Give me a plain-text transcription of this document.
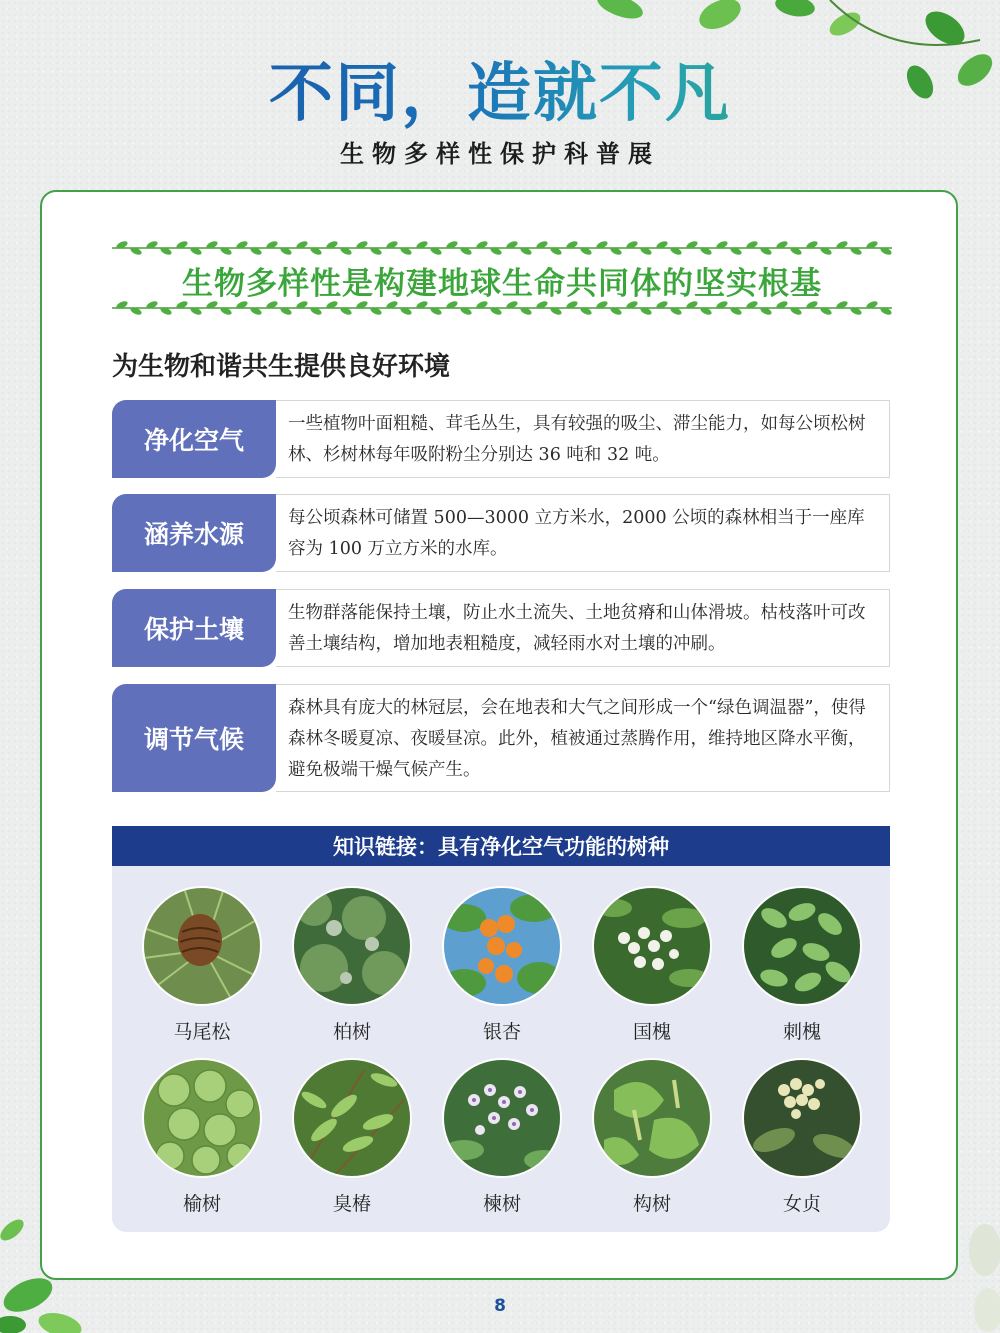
不同，造就不凡
生物多样性保护科普展
生物多样性是构建地球生命共同体的坚实根基
为生物和谐共生提供良好环境
净化空气
一些植物叶面粗糙、茸毛丛生，具有较强的吸尘、滞尘能力，如每公顷松树林、杉树林每年吸附粉尘分别达 36 吨和 32 吨。
涵养水源
每公顷森林可储置 500—3000 立方米水，2000 公顷的森林相当于一座库容为 100 万立方米的水库。
保护土壤
生物群落能保持土壤，防止水土流失、土地贫瘠和山体滑坡。枯枝落叶可改善土壤结构，增加地表粗糙度，减轻雨水对土壤的冲刷。
调节气候
森林具有庞大的林冠层，会在地表和大气之间形成一个“绿色调温器”，使得森林冬暖夏凉、夜暖昼凉。此外，植被通过蒸腾作用，维持地区降水平衡，避免极端干燥气候产生。
知识链接：具有净化空气功能的树种
马尾松	柏树	银杏	国槐	刺槐
榆树	臭椿	楝树	构树	女贞
8
